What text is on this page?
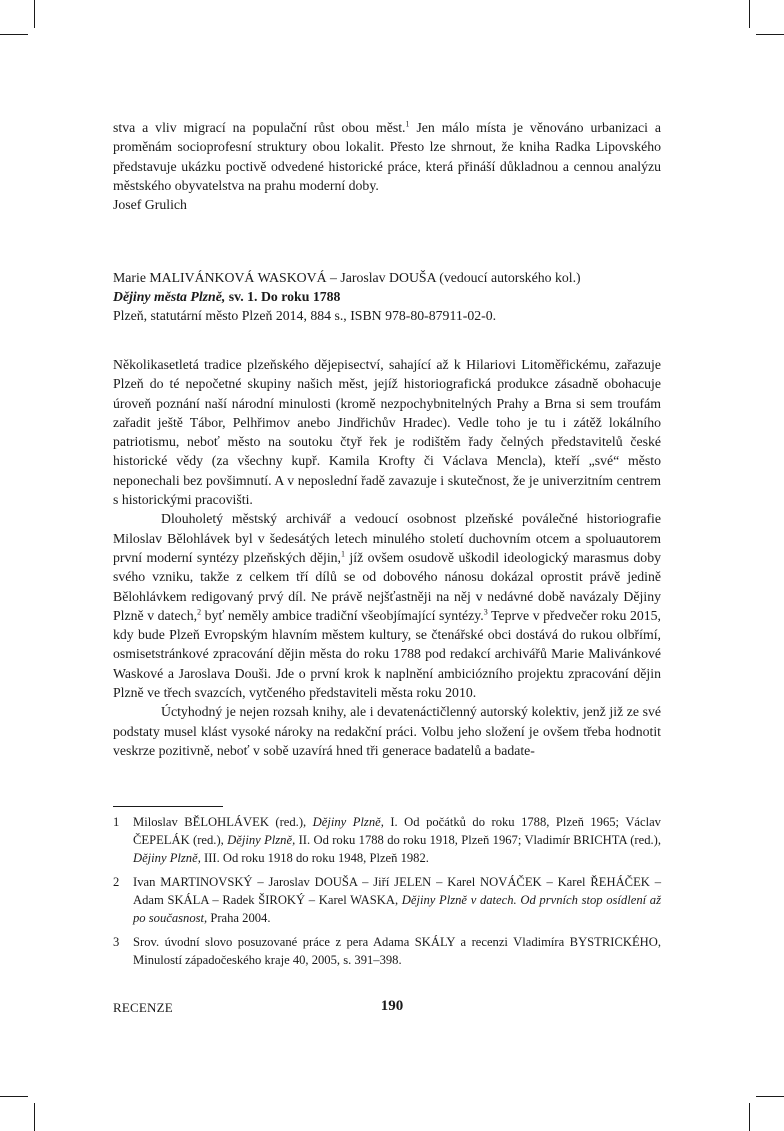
stva a vliv migrací na populační růst obou měst.$^1$ Jen málo místa je věnováno urbanizaci a proměnám socioprofesní struktury obou lokalit. Přesto lze shrnout, že kniha Radka Lipovského představuje ukázku poctivě odvedené historické práce, která přináší důkladnou a cennou analýzu městského obyvatelstva na prahu moderní doby.

Josef Grulich

Marie MALIVÁNKOVÁ WASKOVÁ – Jaroslav DOUŠA (vedoucí autorského kol.)
Dějiny města Plzně, sv. 1. Do roku 1788
Plzeň, statutární město Plzeň 2014, 884 s., ISBN 978-80-87911-02-0.

Několikasetletá tradice plzeňského dějepisectví, sahající až k Hilariovi Litoměřickému, zařazuje Plzeň do té nepočetné skupiny našich měst, jejíž historiografická produkce zásadně obohacuje úroveň poznání naší národní minulosti (kromě nezpochybnitelných Prahy a Brna si sem troufám zařadit ještě Tábor, Pelhřimov anebo Jindřichův Hradec). Vedle toho je tu i zátěž lokálního patriotismu, neboť město na soutoku čtyř řek je rodištěm řady čelných představitelů české historické vědy (za všechny kupř. Kamila Krofty či Václava Mencla), kteří „své“ město neponechali bez povšimnutí. A v neposlední řadě zavazuje i skutečnost, že je univerzitním centrem s historickými pracovišti.

Dlouholetý městský archivář a vedoucí osobnost plzeňské poválečné historiografie Miloslav Bělohlávek byl v šedesátých letech minulého století duchovním otcem a spoluautorem první moderní syntézy plzeňských dějin,$^1$ jíž ovšem osudově uškodil ideologický marasmus doby svého vzniku, takže z celkem tří dílů se od dobového nánosu dokázal oprostit právě jedině Bělohlávkem redigovaný prvý díl. Ne právě nejšťastněji na něj v nedávné době navázaly Dějiny Plzně v datech,$^2$ byť neměly ambice tradiční všeobjímající syntézy.$^3$ Teprve v předvečer roku 2015, kdy bude Plzeň Evropským hlavním městem kultury, se čtenářské obci dostává do rukou olbřímí, osmisetstránkové zpracování dějin města do roku 1788 pod redakcí archivářů Marie Malivánkové Waskové a Jaroslava Douši. Jde o první krok k naplnění ambiciózního projektu zpracování dějin Plzně ve třech svazcích, vytčeného představiteli města roku 2010.

Úctyhodný je nejen rozsah knihy, ale i devatenáctičlenný autorský kolektiv, jenž již ze své podstaty musel klást vysoké nároky na redakční práci. Volbu jeho složení je ovšem třeba hodnotit veskrze pozitivně, neboť v sobě uzavírá hned tři generace badatelů a badate-

1	Miloslav BĚLOHLÁVEK (red.), Dějiny Plzně, I. Od počátků do roku 1788, Plzeň 1965; Václav ČEPELÁK (red.), Dějiny Plzně, II. Od roku 1788 do roku 1918, Plzeň 1967; Vladimír BRICHTA (red.), Dějiny Plzně, III. Od roku 1918 do roku 1948, Plzeň 1982.
2	Ivan MARTINOVSKÝ – Jaroslav DOUŠA – Jiří JELEN – Karel NOVÁČEK – Karel ŘEHÁČEK – Adam SKÁLA – Radek ŠIROKÝ – Karel WASKA, Dějiny Plzně v datech. Od prvních stop osídlení až po současnost, Praha 2004.
3	Srov. úvodní slovo posuzované práce z pera Adama SKÁLY a recenzi Vladimíra BYSTRICKÉHO, Minulostí západočeského kraje 40, 2005, s. 391–398.
RECENZE	190
